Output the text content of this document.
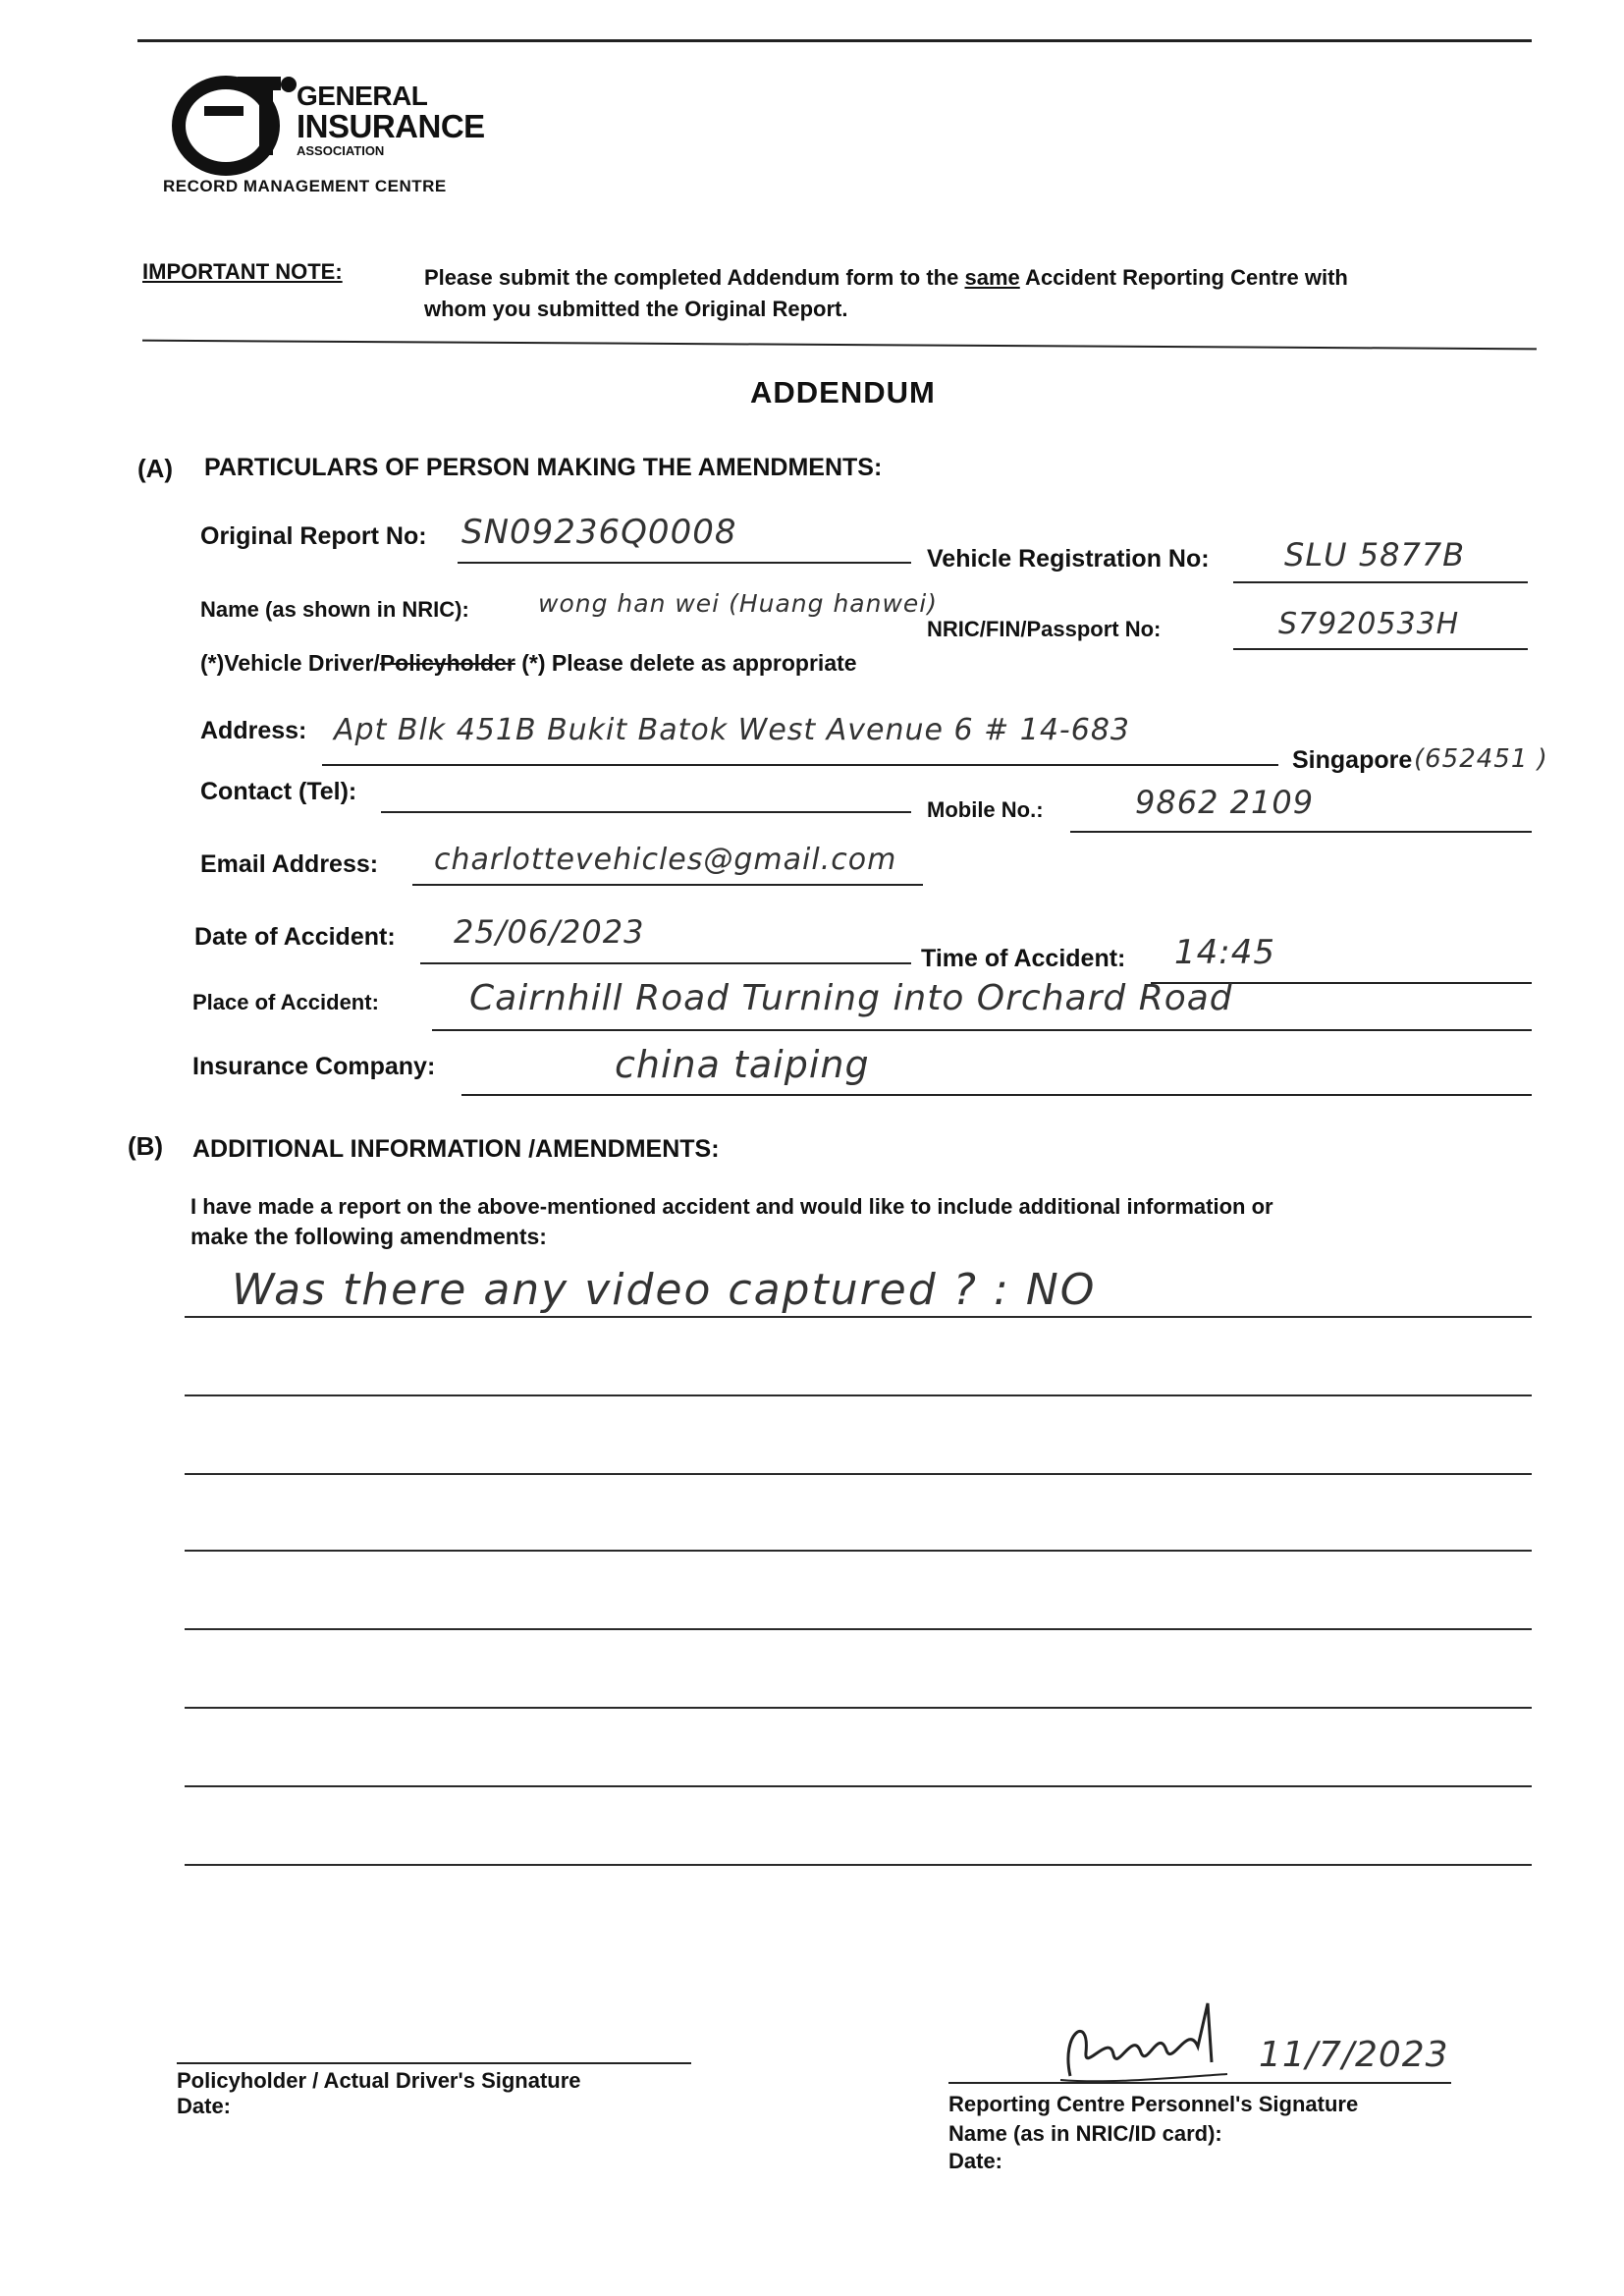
GENERAL
INSURANCE
ASSOCIATION
RECORD MANAGEMENT CENTRE
IMPORTANT NOTE:	Please submit the completed Addendum form to the same Accident Reporting Centre with
whom you submitted the Original Report.
ADDENDUM
(A) PARTICULARS OF PERSON MAKING THE AMENDMENTS:
Original Report No: SN09236Q0008
Vehicle Registration No: SLU 5877B
Name (as shown in NRIC):	wong han wei (Huang hanwei)
NRIC/FIN/Passport No:	S7920533H
(*)Vehicle Driver/Policyholder (*) Please delete as appropriate
Address: Apt Blk 451B Bukit Batok West Avenue 6 # 14-683
Singapore (652451 )
Contact (Tel):
Mobile No.:	9862 2109
Email Address: charlottevehicles@gmail.com
Date of Accident: 25/06/2023
Time of Accident: 14:45
Place of Accident:	Cairnhill Road Turning into Orchard Road
Insurance Company:	china taiping
(B) ADDITIONAL INFORMATION /AMENDMENTS:
I have made a report on the above-mentioned accident and would like to include additional information or
make the following amendments:
Was there any video captured ? : NO
Policyholder / Actual Driver's Signature
Date:
11/7/2023
Reporting Centre Personnel's Signature
Name (as in NRIC/ID card):
Date:
